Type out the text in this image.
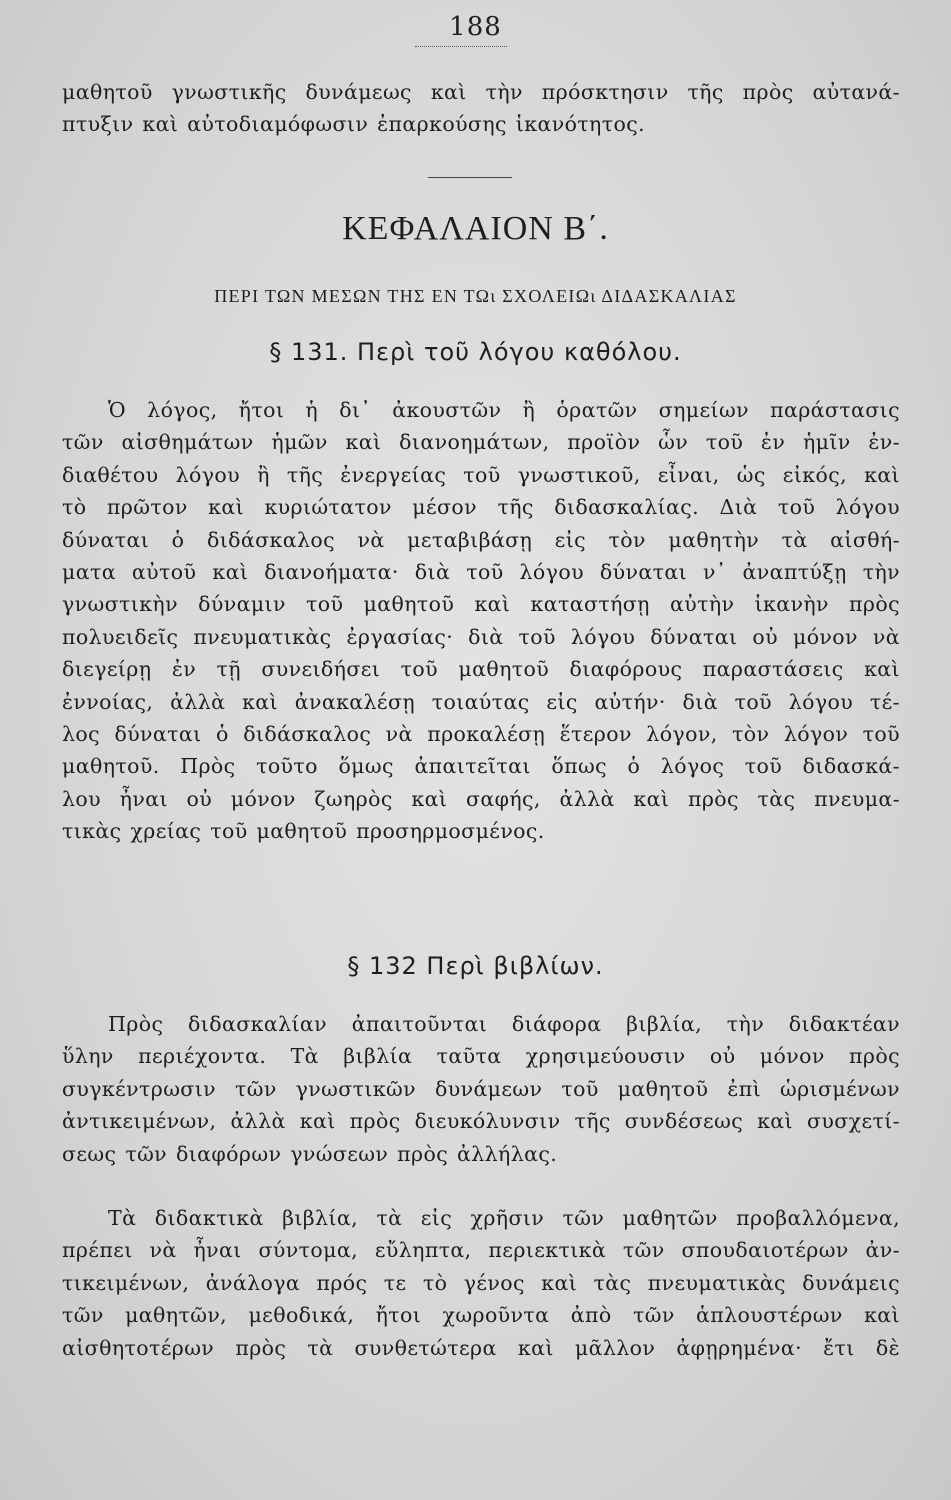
188
μαθητοῦ γνωστικῆς δυνάμεως καὶ τὴν πρόσκτησιν τῆς πρὸς αὐτανά-
πτυξιν καὶ αὐτοδιαμόφωσιν ἐπαρκούσης ἱκανότητος.
ΚΕΦΑΛΑΙΟΝ Β΄.
ΠΕΡΙ ΤΩΝ ΜΕΣΩΝ ΤΗΣ ΕΝ ΤΩι ΣΧΟΛΕΙΩι ΔΙΔΑΣΚΑΛΙΑΣ
§ 131. Περὶ τοῦ λόγου καθόλου.
Ὁ λόγος, ἤτοι ἡ δι᾿ ἀκουστῶν ἢ ὁρατῶν σημείων παράστασις
τῶν αἰσθημάτων ἡμῶν καὶ διανοημάτων, προϊὸν ὧν τοῦ ἐν ἡμῖν ἐν-
διαθέτου λόγου ἢ τῆς ἐνεργείας τοῦ γνωστικοῦ, εἶναι, ὡς εἰκός, καὶ
τὸ πρῶτον καὶ κυριώτατον μέσον τῆς διδασκαλίας. Διὰ τοῦ λόγου
δύναται ὁ διδάσκαλος νὰ μεταβιβάσῃ εἰς τὸν μαθητὴν τὰ αἰσθή-
ματα αὐτοῦ καὶ διανοήματα· διὰ τοῦ λόγου δύναται ν᾿ ἀναπτύξῃ τὴν
γνωστικὴν δύναμιν τοῦ μαθητοῦ καὶ καταστήσῃ αὐτὴν ἱκανὴν πρὸς
πολυειδεῖς πνευματικὰς ἐργασίας· διὰ τοῦ λόγου δύναται οὐ μόνον νὰ
διεγείρῃ ἐν τῇ συνειδήσει τοῦ μαθητοῦ διαφόρους παραστάσεις καὶ
ἐννοίας, ἀλλὰ καὶ ἀνακαλέσῃ τοιαύτας εἰς αὐτήν· διὰ τοῦ λόγου τέ-
λος δύναται ὁ διδάσκαλος νὰ προκαλέσῃ ἕτερον λόγον, τὸν λόγον τοῦ
μαθητοῦ. Πρὸς τοῦτο ὅμως ἀπαιτεῖται ὅπως ὁ λόγος τοῦ διδασκά-
λου ἦναι οὐ μόνον ζωηρὸς καὶ σαφής, ἀλλὰ καὶ πρὸς τὰς πνευμα-
τικὰς χρείας τοῦ μαθητοῦ προσηρμοσμένος.
§ 132 Περὶ βιβλίων.
Πρὸς διδασκαλίαν ἀπαιτοῦνται διάφορα βιβλία, τὴν διδακτέαν
ὕλην περιέχοντα. Τὰ βιβλία ταῦτα χρησιμεύουσιν οὐ μόνον πρὸς
συγκέντρωσιν τῶν γνωστικῶν δυνάμεων τοῦ μαθητοῦ ἐπὶ ὡρισμένων
ἀντικειμένων, ἀλλὰ καὶ πρὸς διευκόλυνσιν τῆς συνδέσεως καὶ συσχετί-
σεως τῶν διαφόρων γνώσεων πρὸς ἀλλήλας.
Τὰ διδακτικὰ βιβλία, τὰ εἰς χρῆσιν τῶν μαθητῶν προβαλλόμενα,
πρέπει νὰ ἦναι σύντομα, εὔληπτα, περιεκτικὰ τῶν σπουδαιοτέρων ἀν-
τικειμένων, ἀνάλογα πρός τε τὸ γένος καὶ τὰς πνευματικὰς δυνάμεις
τῶν μαθητῶν, μεθοδικά, ἤτοι χωροῦντα ἀπὸ τῶν ἁπλουστέρων καὶ
αἰσθητοτέρων πρὸς τὰ συνθετώτερα καὶ μᾶλλον ἀφῃρημένα· ἔτι δὲ
